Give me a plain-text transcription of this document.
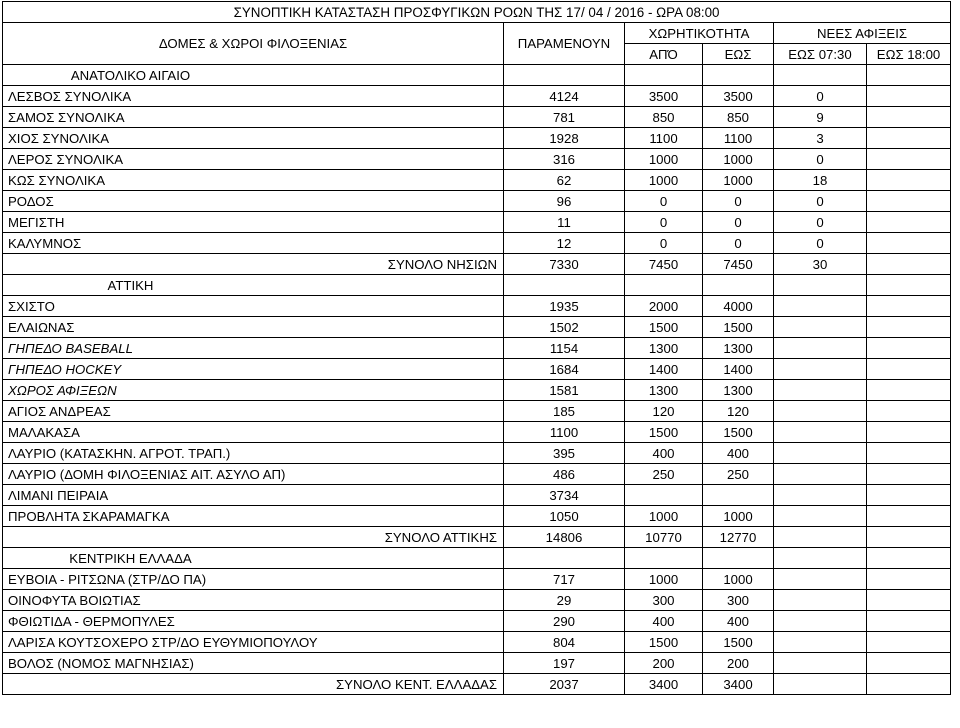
ΣΥΝΟΠΤΙΚΗ ΚΑΤΑΣΤΑΣΗ ΠΡΟΣΦΥΓΙΚΩΝ ΡΟΩΝ ΤΗΣ 17/ 04 / 2016 - ΩΡΑ 08:00					
ΔΟΜΕΣ & ΧΩΡΟΙ ΦΙΛΟΞΕΝΙΑΣ	ΠΑΡΑΜΕΝΟΥΝ	ΧΩΡΗΤΙΚΟΤΗΤΑ		ΝΕΕΣ ΑΦΙΞΕΙΣ	
		ΑΠΌ	ΕΩΣ	ΕΩΣ 07:30	ΕΩΣ 18:00
ΑΝΑΤΟΛΙΚΟ ΑΙΓΑΙΟ					
ΛΕΣΒΟΣ ΣΥΝΟΛΙΚΑ	4124	3500	3500	0	
ΣΑΜΟΣ ΣΥΝΟΛΙΚΑ	781	850	850	9	
ΧΙΟΣ ΣΥΝΟΛΙΚΑ	1928	1100	1100	3	
ΛΕΡΟΣ ΣΥΝΟΛΙΚΑ	316	1000	1000	0	
ΚΩΣ ΣΥΝΟΛΙΚΑ	62	1000	1000	18	
ΡΟΔΟΣ	96	0	0	0	
ΜΕΓΙΣΤΗ	11	0	0	0	
ΚΑΛΥΜΝΟΣ	12	0	0	0	
ΣΥΝΟΛΟ ΝΗΣΙΩΝ	7330	7450	7450	30	
ΑΤΤΙΚΗ					
ΣΧΙΣΤΟ	1935	2000	4000		
ΕΛΑΙΩΝΑΣ	1502	1500	1500		
ΓΗΠΕΔΟ BASEBALL	1154	1300	1300		
ΓΗΠΕΔΟ HOCKEY	1684	1400	1400		
ΧΩΡΟΣ ΑΦΙΞΕΩΝ	1581	1300	1300		
ΑΓΙΟΣ ΑΝΔΡΕΑΣ	185	120	120		
ΜΑΛΑΚΑΣΑ	1100	1500	1500		
ΛΑΥΡΙΟ (ΚΑΤΑΣΚΗΝ. ΑΓΡΟΤ. ΤΡΑΠ.)	395	400	400		
ΛΑΥΡΙΟ (ΔΟΜΗ ΦΙΛΟΞΕΝΙΑΣ ΑΙΤ. ΑΣΥΛΟ ΑΠ)	486	250	250		
ΛΙΜΑΝΙ ΠΕΙΡΑΙΑ	3734				
ΠΡΟΒΛΗΤΑ ΣΚΑΡΑΜΑΓΚΑ	1050	1000	1000		
ΣΥΝΟΛΟ ΑΤΤΙΚΗΣ	14806	10770	12770		
ΚΕΝΤΡΙΚΗ ΕΛΛΑΔΑ					
ΕΥΒΟΙΑ - ΡΙΤΣΩΝΑ (ΣΤΡ/ΔΟ ΠΑ)	717	1000	1000		
ΟΙΝΟΦΥΤΑ ΒΟΙΩΤΙΑΣ	29	300	300		
ΦΘΙΩΤΙΔΑ - ΘΕΡΜΟΠΥΛΕΣ	290	400	400		
ΛΑΡΙΣΑ ΚΟΥΤΣΟΧΕΡΟ ΣΤΡ/ΔΟ ΕΥΘΥΜΙΟΠΟΥΛΟΥ	804	1500	1500		
ΒΟΛΟΣ (ΝΟΜΟΣ ΜΑΓΝΗΣΙΑΣ)	197	200	200		
ΣΥΝΟΛΟ ΚΕΝΤ. ΕΛΛΑΔΑΣ	2037	3400	3400		
